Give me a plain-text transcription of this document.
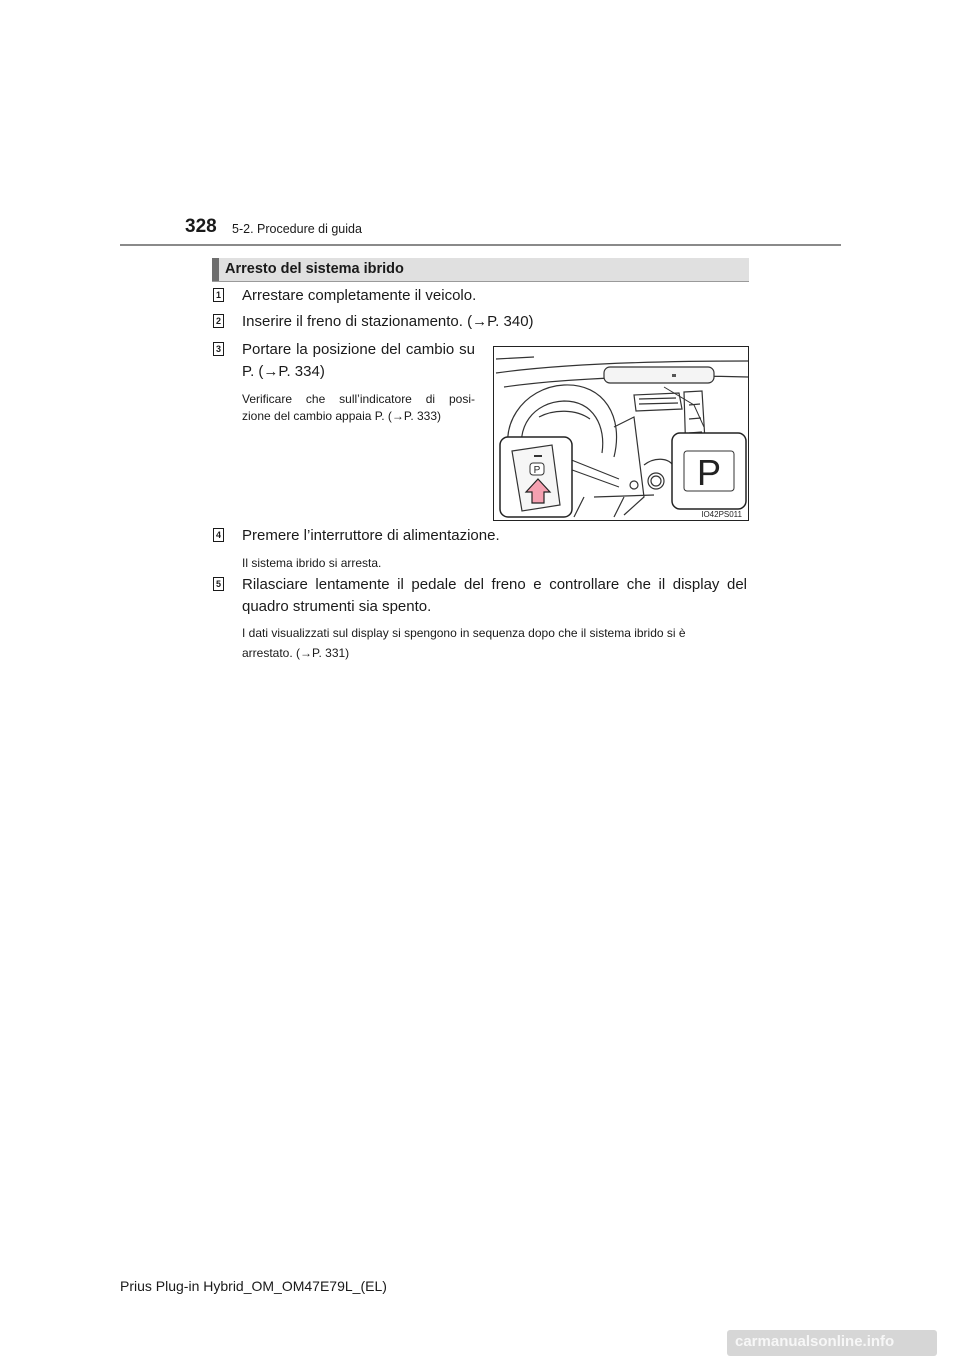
328 5-2. Procedure di guida
Arresto del sistema ibrido
1 Arrestare completamente il veicolo.
2 Inserire il freno di stazionamento. (→P. 340)
3 Portare la posizione del cambio su
P. (→P. 334)
Verificare che sull’indicatore di posi-
zione del cambio appaia P. (→P. 333)
P	P
IO42PS011
4 Premere l’interruttore di alimentazione.
Il sistema ibrido si arresta.
5 Rilasciare lentamente il pedale del freno e controllare che il display del
quadro strumenti sia spento.
I dati visualizzati sul display si spengono in sequenza dopo che il sistema ibrido si è
arrestato. (→P. 331)
Prius Plug-in Hybrid_OM_OM47E79L_(EL)
carmanualsonline.info
